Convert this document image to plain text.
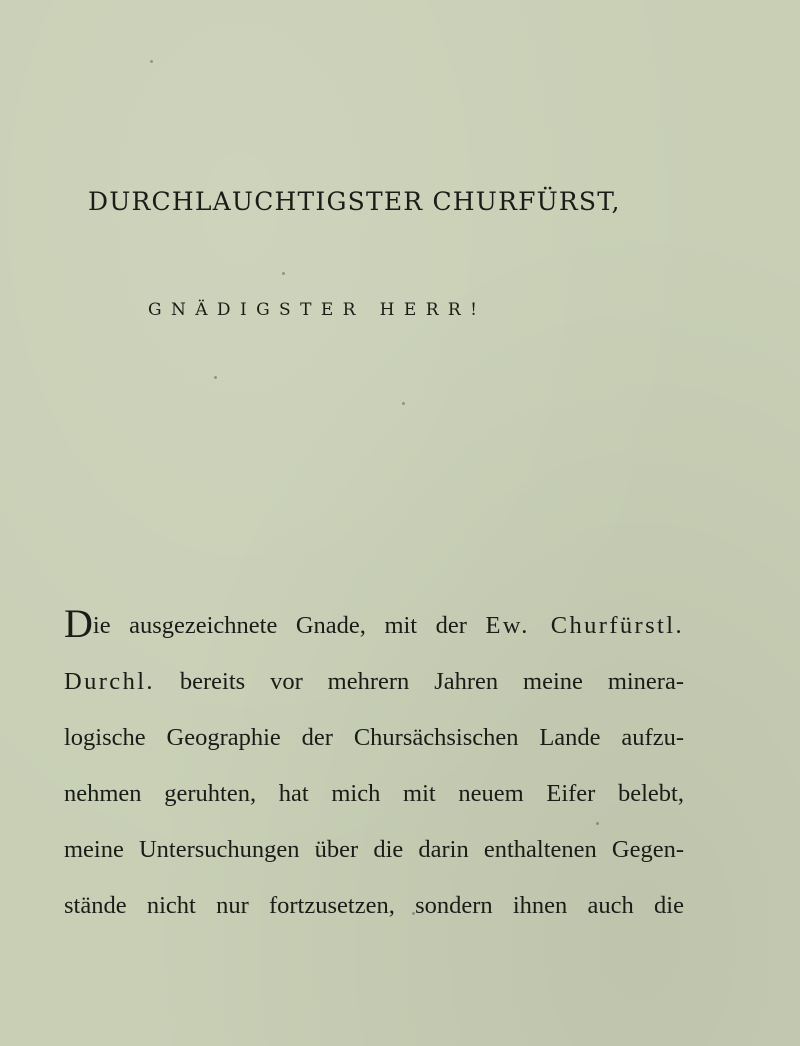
DURCHLAUCHTIGSTER CHURFÜRST,
GNÄDIGSTER HERR!
Die ausgezeichnete Gnade, mit der Ew. Churfürstl.
Durchl. bereits vor mehrern Jahren meine minera-
logische Geographie der Chursächsischen Lande aufzu-
nehmen geruhten, hat mich mit neuem Eifer belebt,
meine Untersuchungen über die darin enthaltenen Gegen-
stände nicht nur fortzusetzen, sondern ihnen auch die
